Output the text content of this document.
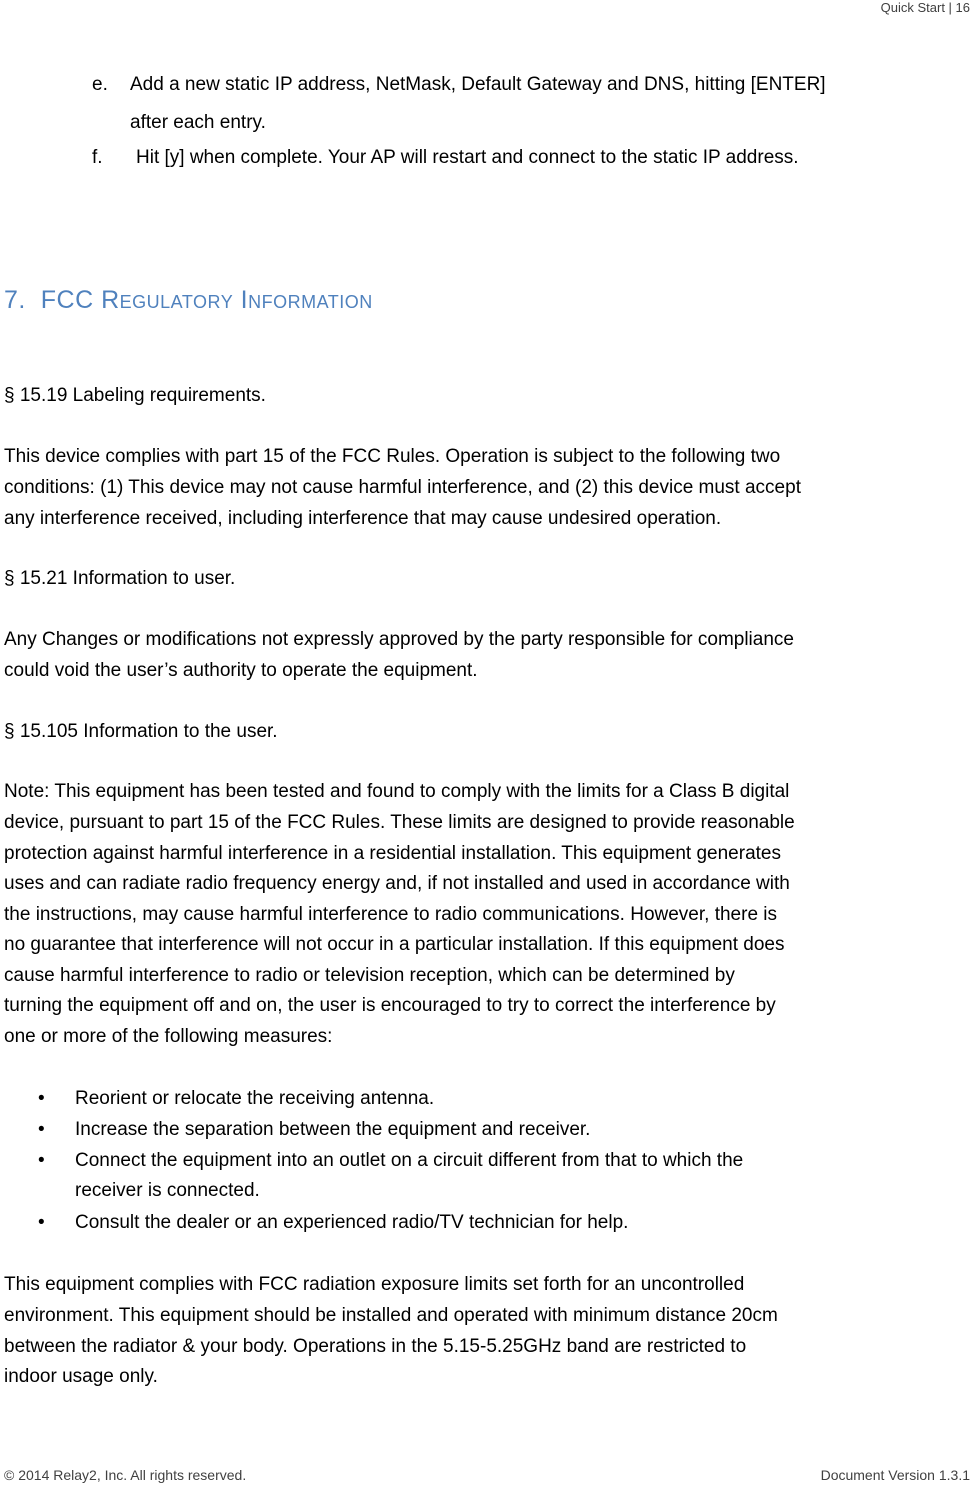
Quick Start | 16
e. Add a new static IP address, NetMask, Default Gateway and DNS, hitting [ENTER]
after each entry.
f. Hit [y] when complete. Your AP will restart and connect to the static IP address.
7. FCC REGULATORY INFORMATION
§ 15.19 Labeling requirements.
This device complies with part 15 of the FCC Rules. Operation is subject to the following two
conditions: (1) This device may not cause harmful interference, and (2) this device must accept
any interference received, including interference that may cause undesired operation.
§ 15.21 Information to user.
Any Changes or modifications not expressly approved by the party responsible for compliance
could void the user’s authority to operate the equipment.
§ 15.105 Information to the user.
Note: This equipment has been tested and found to comply with the limits for a Class B digital
device, pursuant to part 15 of the FCC Rules. These limits are designed to provide reasonable
protection against harmful interference in a residential installation. This equipment generates
uses and can radiate radio frequency energy and, if not installed and used in accordance with
the instructions, may cause harmful interference to radio communications. However, there is
no guarantee that interference will not occur in a particular installation. If this equipment does
cause harmful interference to radio or television reception, which can be determined by
turning the equipment off and on, the user is encouraged to try to correct the interference by
one or more of the following measures:
• Reorient or relocate the receiving antenna.
• Increase the separation between the equipment and receiver.
• Connect the equipment into an outlet on a circuit different from that to which the
receiver is connected.
• Consult the dealer or an experienced radio/TV technician for help.
This equipment complies with FCC radiation exposure limits set forth for an uncontrolled
environment. This equipment should be installed and operated with minimum distance 20cm
between the radiator & your body. Operations in the 5.15-5.25GHz band are restricted to
indoor usage only.
© 2014 Relay2, Inc. All rights reserved.	Document Version 1.3.1
